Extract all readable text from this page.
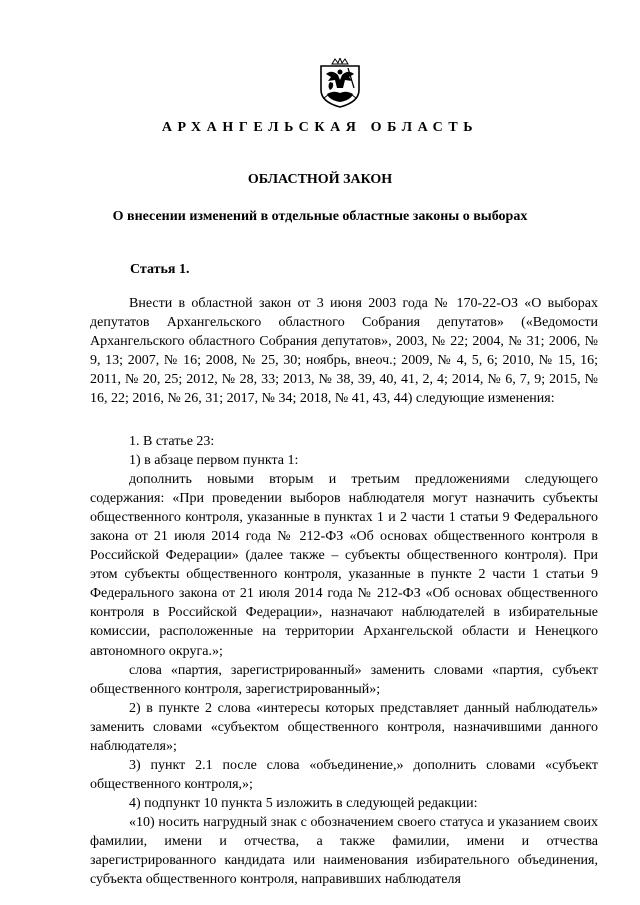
АРХАНГЕЛЬСКАЯ ОБЛАСТЬ
ОБЛАСТНОЙ ЗАКОН
О внесении изменений в отдельные областные законы о выборах
Статья 1.

Внести в областной закон от 3 июня 2003 года № 170-22-ОЗ «О выборах депутатов Архангельского областного Собрания депутатов» («Ведомости Архангельского областного Собрания депутатов», 2003, № 22; 2004, № 31; 2006, № 9, 13; 2007, № 16; 2008, № 25, 30; ноябрь, внеоч.; 2009, № 4, 5, 6; 2010, № 15, 16; 2011, № 20, 25; 2012, № 28, 33; 2013, № 38, 39, 40, 41, 2, 4; 2014, № 6, 7, 9; 2015, № 16, 22; 2016, № 26, 31; 2017, № 34; 2018, № 41, 43, 44) следующие изменения:

1. В статье 23:

1) в абзаце первом пункта 1:

дополнить новыми вторым и третьим предложениями следующего содержания: «При проведении выборов наблюдателя могут назначить субъекты общественного контроля, указанные в пунктах 1 и 2 части 1 статьи 9 Федерального закона от 21 июля 2014 года № 212-ФЗ «Об основах общественного контроля в Российской Федерации» (далее также – субъекты общественного контроля). При этом субъекты общественного контроля, указанные в пункте 2 части 1 статьи 9 Федерального закона от 21 июля 2014 года № 212-ФЗ «Об основах общественного контроля в Российской Федерации», назначают наблюдателей в избирательные комиссии, расположенные на территории Архангельской области и Ненецкого автономного округа.»;

слова «партия, зарегистрированный» заменить словами «партия, субъект общественного контроля, зарегистрированный»;

2) в пункте 2 слова «интересы которых представляет данный наблюдатель» заменить словами «субъектом общественного контроля, назначившими данного наблюдателя»;

3) пункт 2.1 после слова «объединение,» дополнить словами «субъект общественного контроля,»;

4) подпункт 10 пункта 5 изложить в следующей редакции:

«10) носить нагрудный знак с обозначением своего статуса и указанием своих фамилии, имени и отчества, а также фамилии, имени и отчества зарегистрированного кандидата или наименования избирательного объединения, субъекта общественного контроля, направивших наблюдателя
